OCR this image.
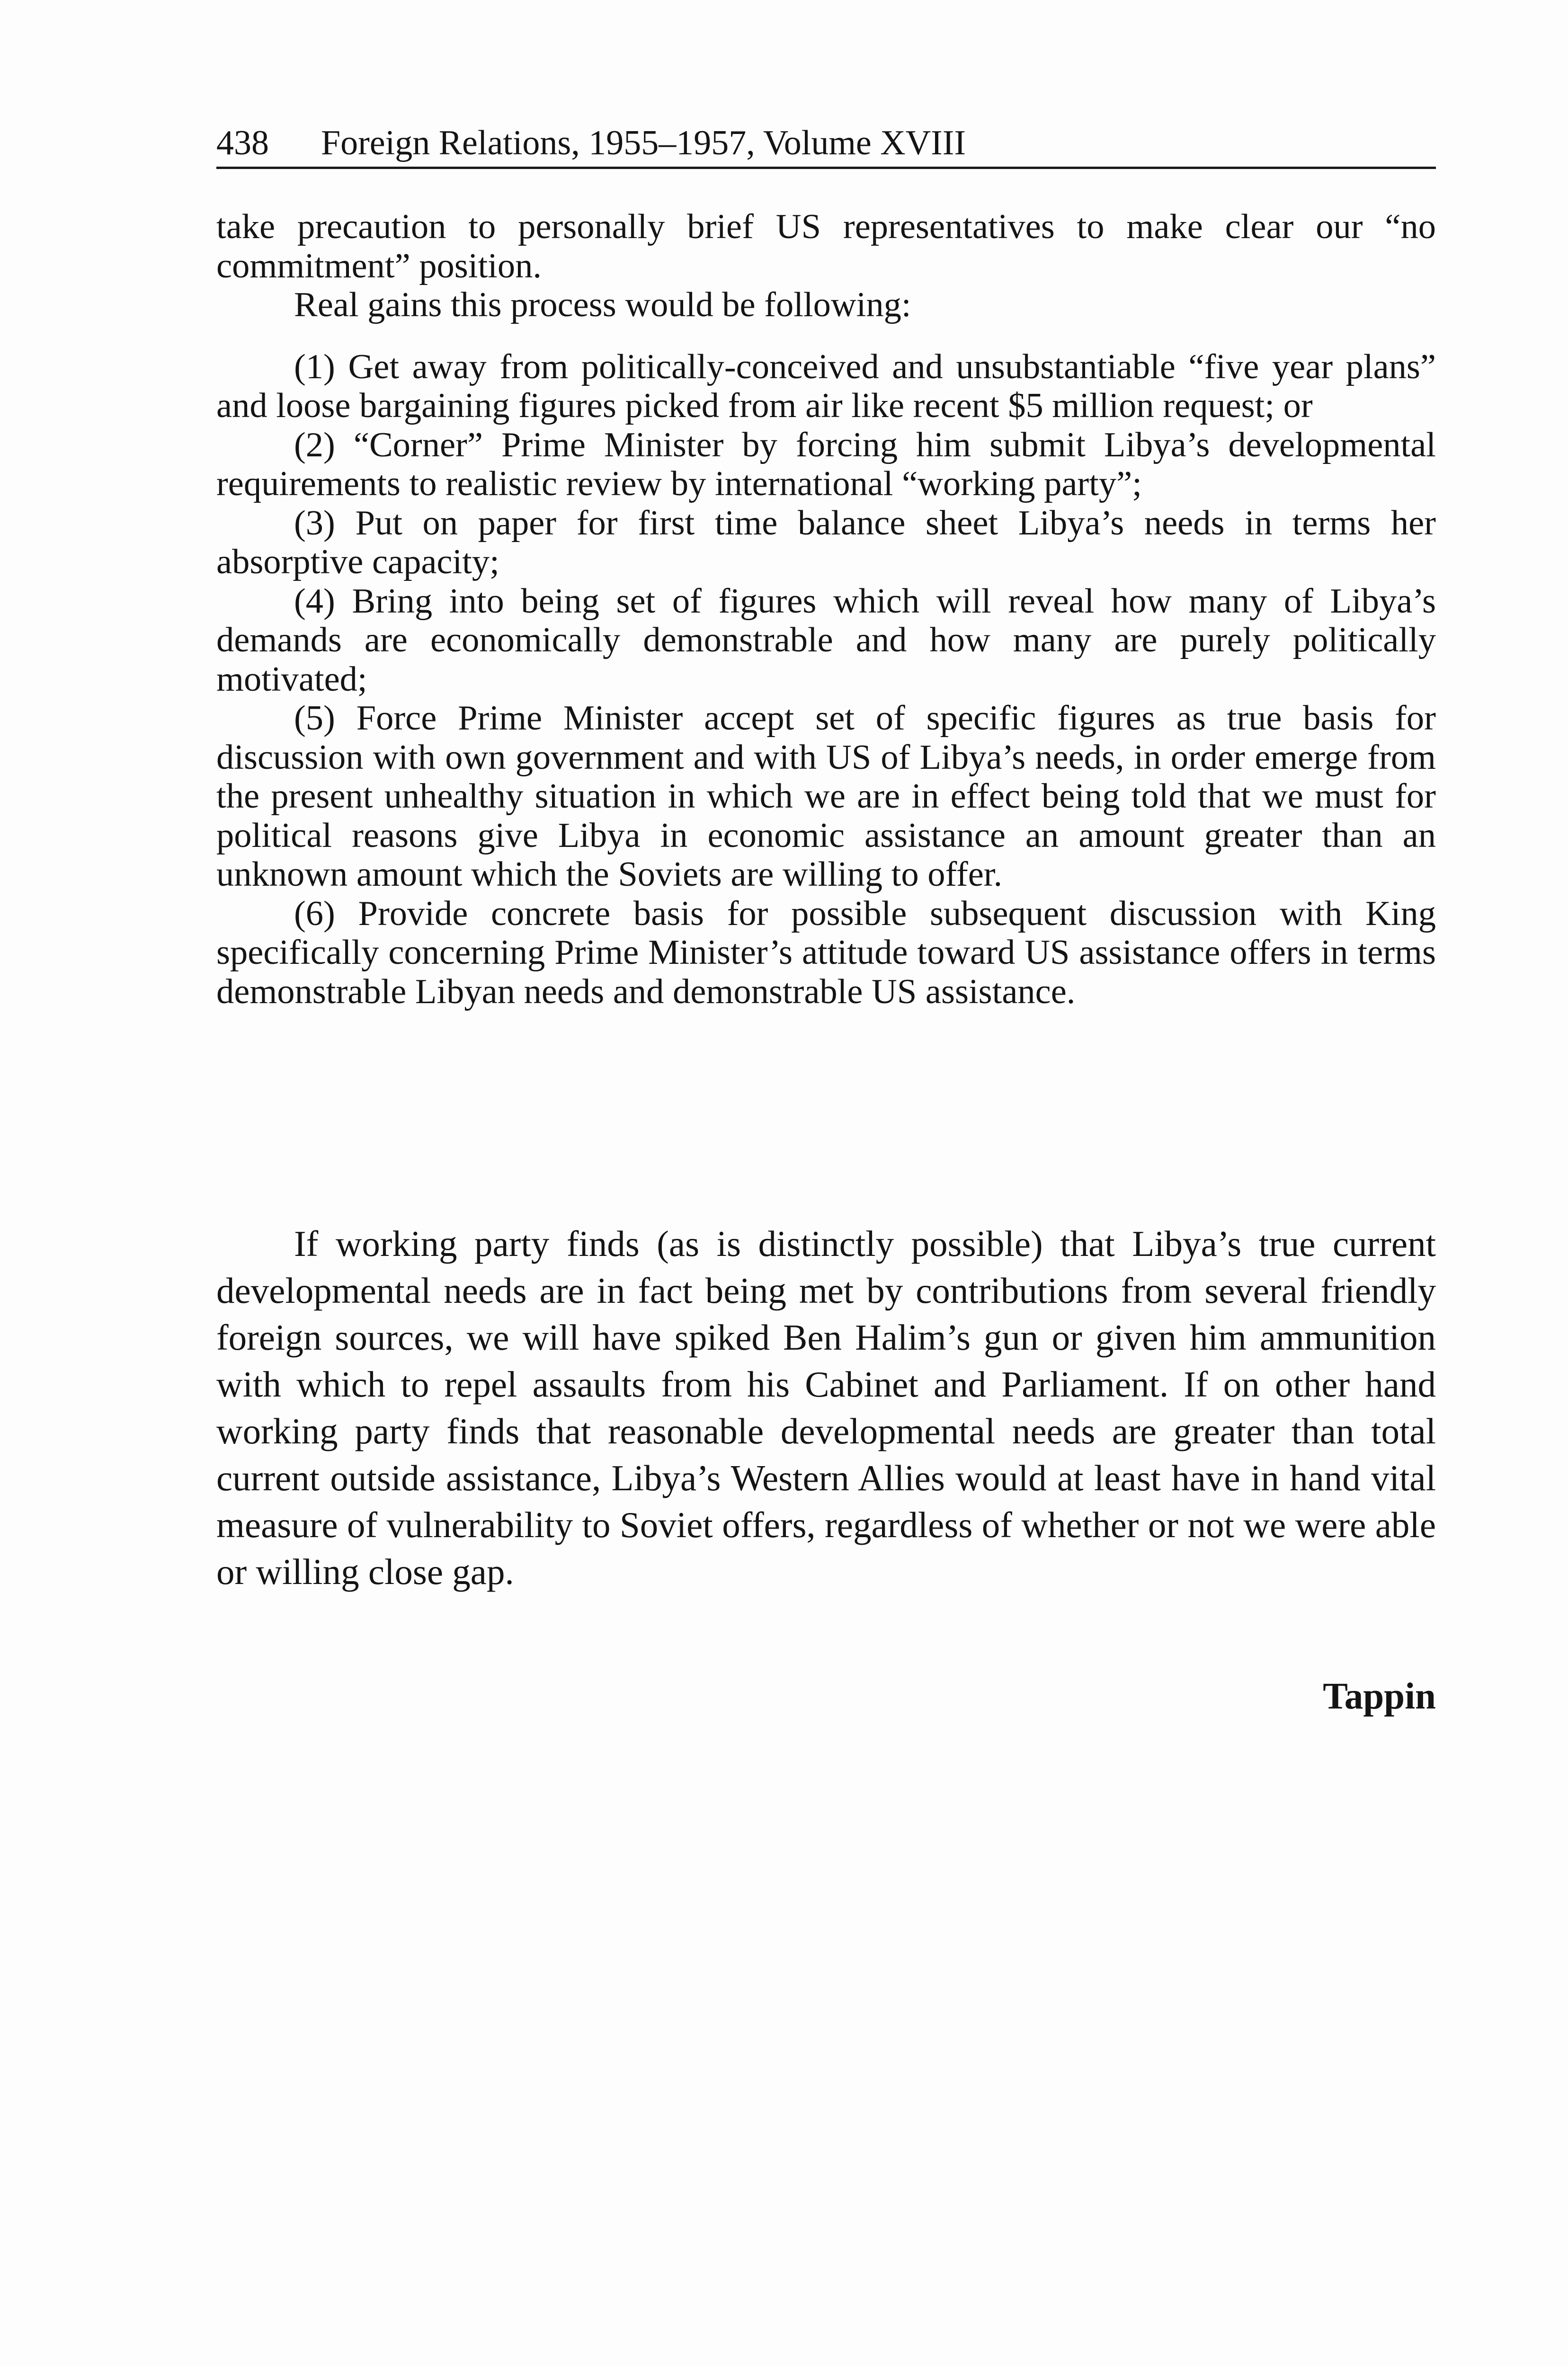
438 Foreign Relations, 1955–1957, Volume XVIII

take precaution to personally brief US representatives to make clear our “no commitment” position.

Real gains this process would be following:

(1) Get away from politically-conceived and unsubstantiable “five year plans” and loose bargaining figures picked from air like recent $5 million request; or

(2) “Corner” Prime Minister by forcing him submit Libya’s developmental requirements to realistic review by international “working party”;

(3) Put on paper for first time balance sheet Libya’s needs in terms her absorptive capacity;

(4) Bring into being set of figures which will reveal how many of Libya’s demands are economically demonstrable and how many are purely politically motivated;

(5) Force Prime Minister accept set of specific figures as true basis for discussion with own government and with US of Libya’s needs, in order emerge from the present unhealthy situation in which we are in effect being told that we must for political reasons give Libya in economic assistance an amount greater than an unknown amount which the Soviets are willing to offer.

(6) Provide concrete basis for possible subsequent discussion with King specifically concerning Prime Minister’s attitude toward US assistance offers in terms demonstrable Libyan needs and demonstrable US assistance.

If working party finds (as is distinctly possible) that Libya’s true current developmental needs are in fact being met by contributions from several friendly foreign sources, we will have spiked Ben Halim’s gun or given him ammunition with which to repel assaults from his Cabinet and Parliament. If on other hand working party finds that reasonable developmental needs are greater than total current outside assistance, Libya’s Western Allies would at least have in hand vital measure of vulnerability to Soviet offers, regardless of whether or not we were able or willing close gap.

Tappin
